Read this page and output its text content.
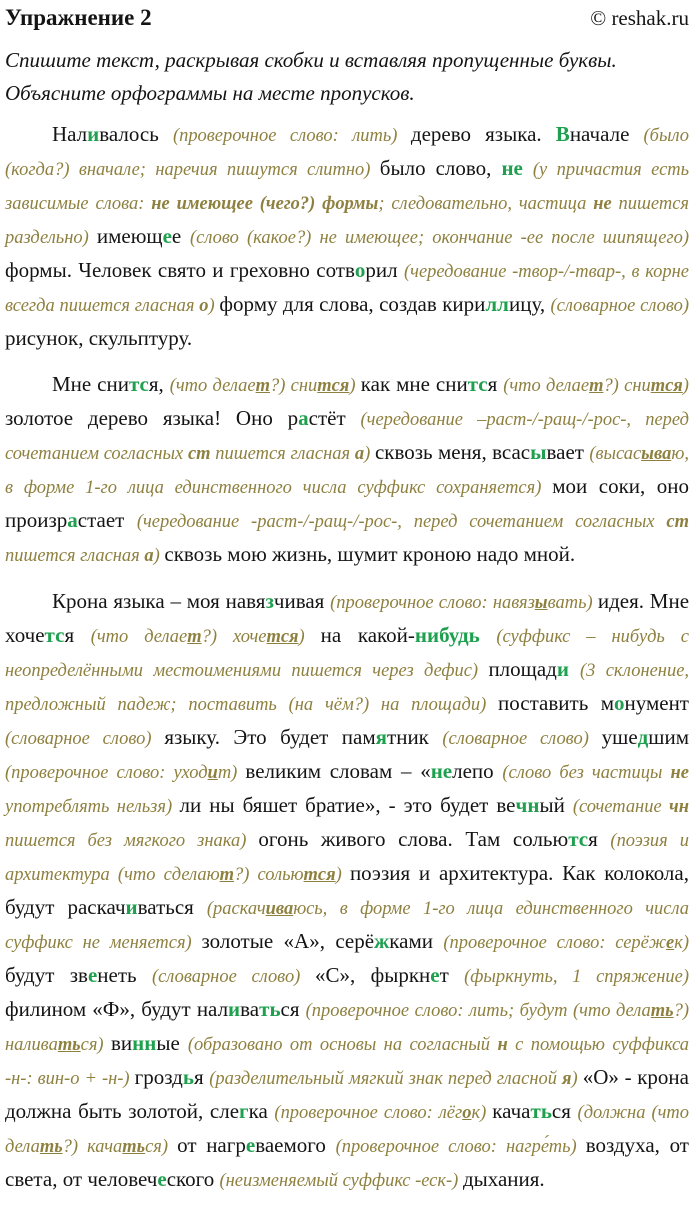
Упражнение 2	© reshak.ru

Спишите текст, раскрывая скобки и вставляя пропущенные буквы. Объясните орфограммы на месте пропусков.

Наливалось (проверочное слово: лить) дерево языка. Вначале (было (когда?) вначале; наречия пишутся слитно) было слово, не (у причастия есть зависимые слова: не имеющее (чего?) формы; следовательно, частица не пишется раздельно) имеющее (слово (какое?) не имеющее; окончание -ее после шипящего) формы. Человек свято и греховно сотворил (чередование -твор-/-твар-, в корне всегда пишется гласная о) форму для слова, создав кириллицу, (словарное слово) рисунок, скульптуру.

Мне снится, (что делает?) снится) как мне снится (что делает?) снится) золотое дерево языка! Оно растёт (чередование –раст-/-ращ-/-рос-, перед сочетанием согласных ст пишется гласная а) сквозь меня, всасывает (высасываю, в форме 1-го лица единственного числа суффикс сохраняется) мои соки, оно произрастает (чередование -раст-/-ращ-/-рос-, перед сочетанием согласных ст пишется гласная а) сквозь мою жизнь, шумит кроною надо мной.

Крона языка – моя навязчивая (проверочное слово: навязывать) идея. Мне хочется (что делает?) хочется) на какой-нибудь (суффикс – нибудь с неопределёнными местоимениями пишется через дефис) площади (3 склонение, предложный падеж; поставить (на чём?) на площади) поставить монумент (словарное слово) языку. Это будет памятник (словарное слово) ушедшим (проверочное слово: уходит) великим словам – «нелепо (слово без частицы не употреблять нельзя) ли ны бяшет братие», - это будет вечный (сочетание чн пишется без мягкого знака) огонь живого слова. Там сольются (поэзия и архитектура (что сделают?) сольются) поэзия и архитектура. Как колокола, будут раскачиваться (раскачиваюсь, в форме 1-го лица единственного числа суффикс не меняется) золотые «А», серёжками (проверочное слово: серёжек) будут звенеть (словарное слово) «С», фыркнет (фыркнуть, 1 спряжение) филином «Ф», будут наливаться (проверочное слово: лить; будут (что делать?) наливаться) винные (образовано от основы на согласный н с помощью суффикса -н-: вин-о + -н-) гроздья (разделительный мягкий знак перед гласной я) «О» - крона должна быть золотой, слегка (проверочное слово: лёгок) качаться (должна (что делать?) качаться) от нагреваемого (проверочное слово: нагре́ть) воздуха, от света, от человеческого (неизменяемый суффикс -еск-) дыхания.
